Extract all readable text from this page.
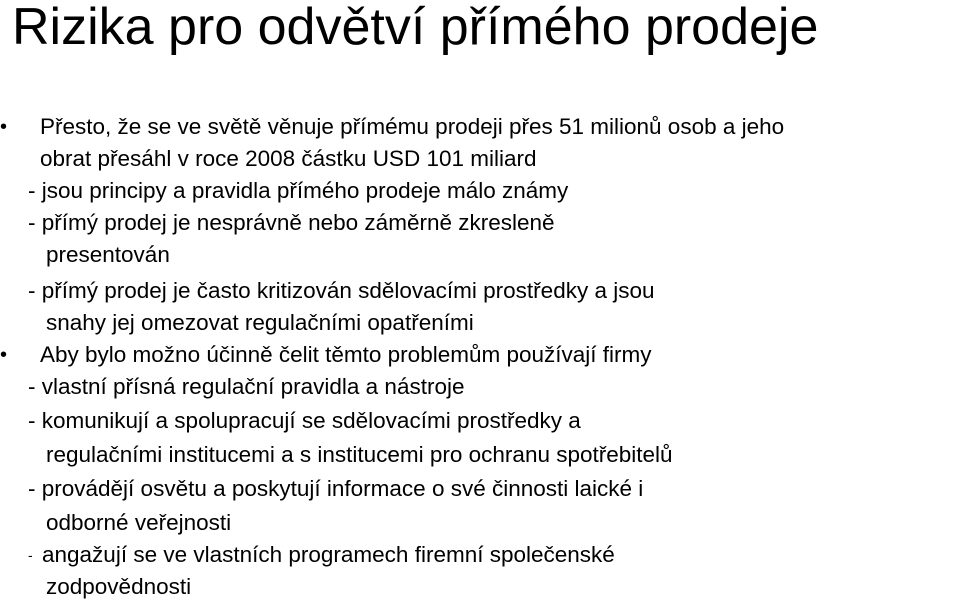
Rizika pro odvětví přímého prodeje
• Přesto, že se ve světě věnuje přímému prodeji přes 51 milionů osob a jeho
obrat přesáhl v roce 2008 částku USD 101 miliard
- jsou principy a pravidla přímého prodeje málo známy
- přímý prodej je nesprávně nebo záměrně zkresleně
presentován
- přímý prodej je často kritizován sdělovacími prostředky a jsou
snahy jej omezovat regulačními opatřeními
• Aby bylo možno účinně čelit těmto problemům používají firmy
- vlastní přísná regulační pravidla a nástroje
- komunikují a spolupracují se sdělovacími prostředky a
regulačními institucemi a s institucemi pro ochranu spotřebitelů
- provádějí osvětu a poskytují informace o své činnosti laické i
odborné veřejnosti
- angažují se ve vlastních programech firemní společenské
zodpovědnosti
